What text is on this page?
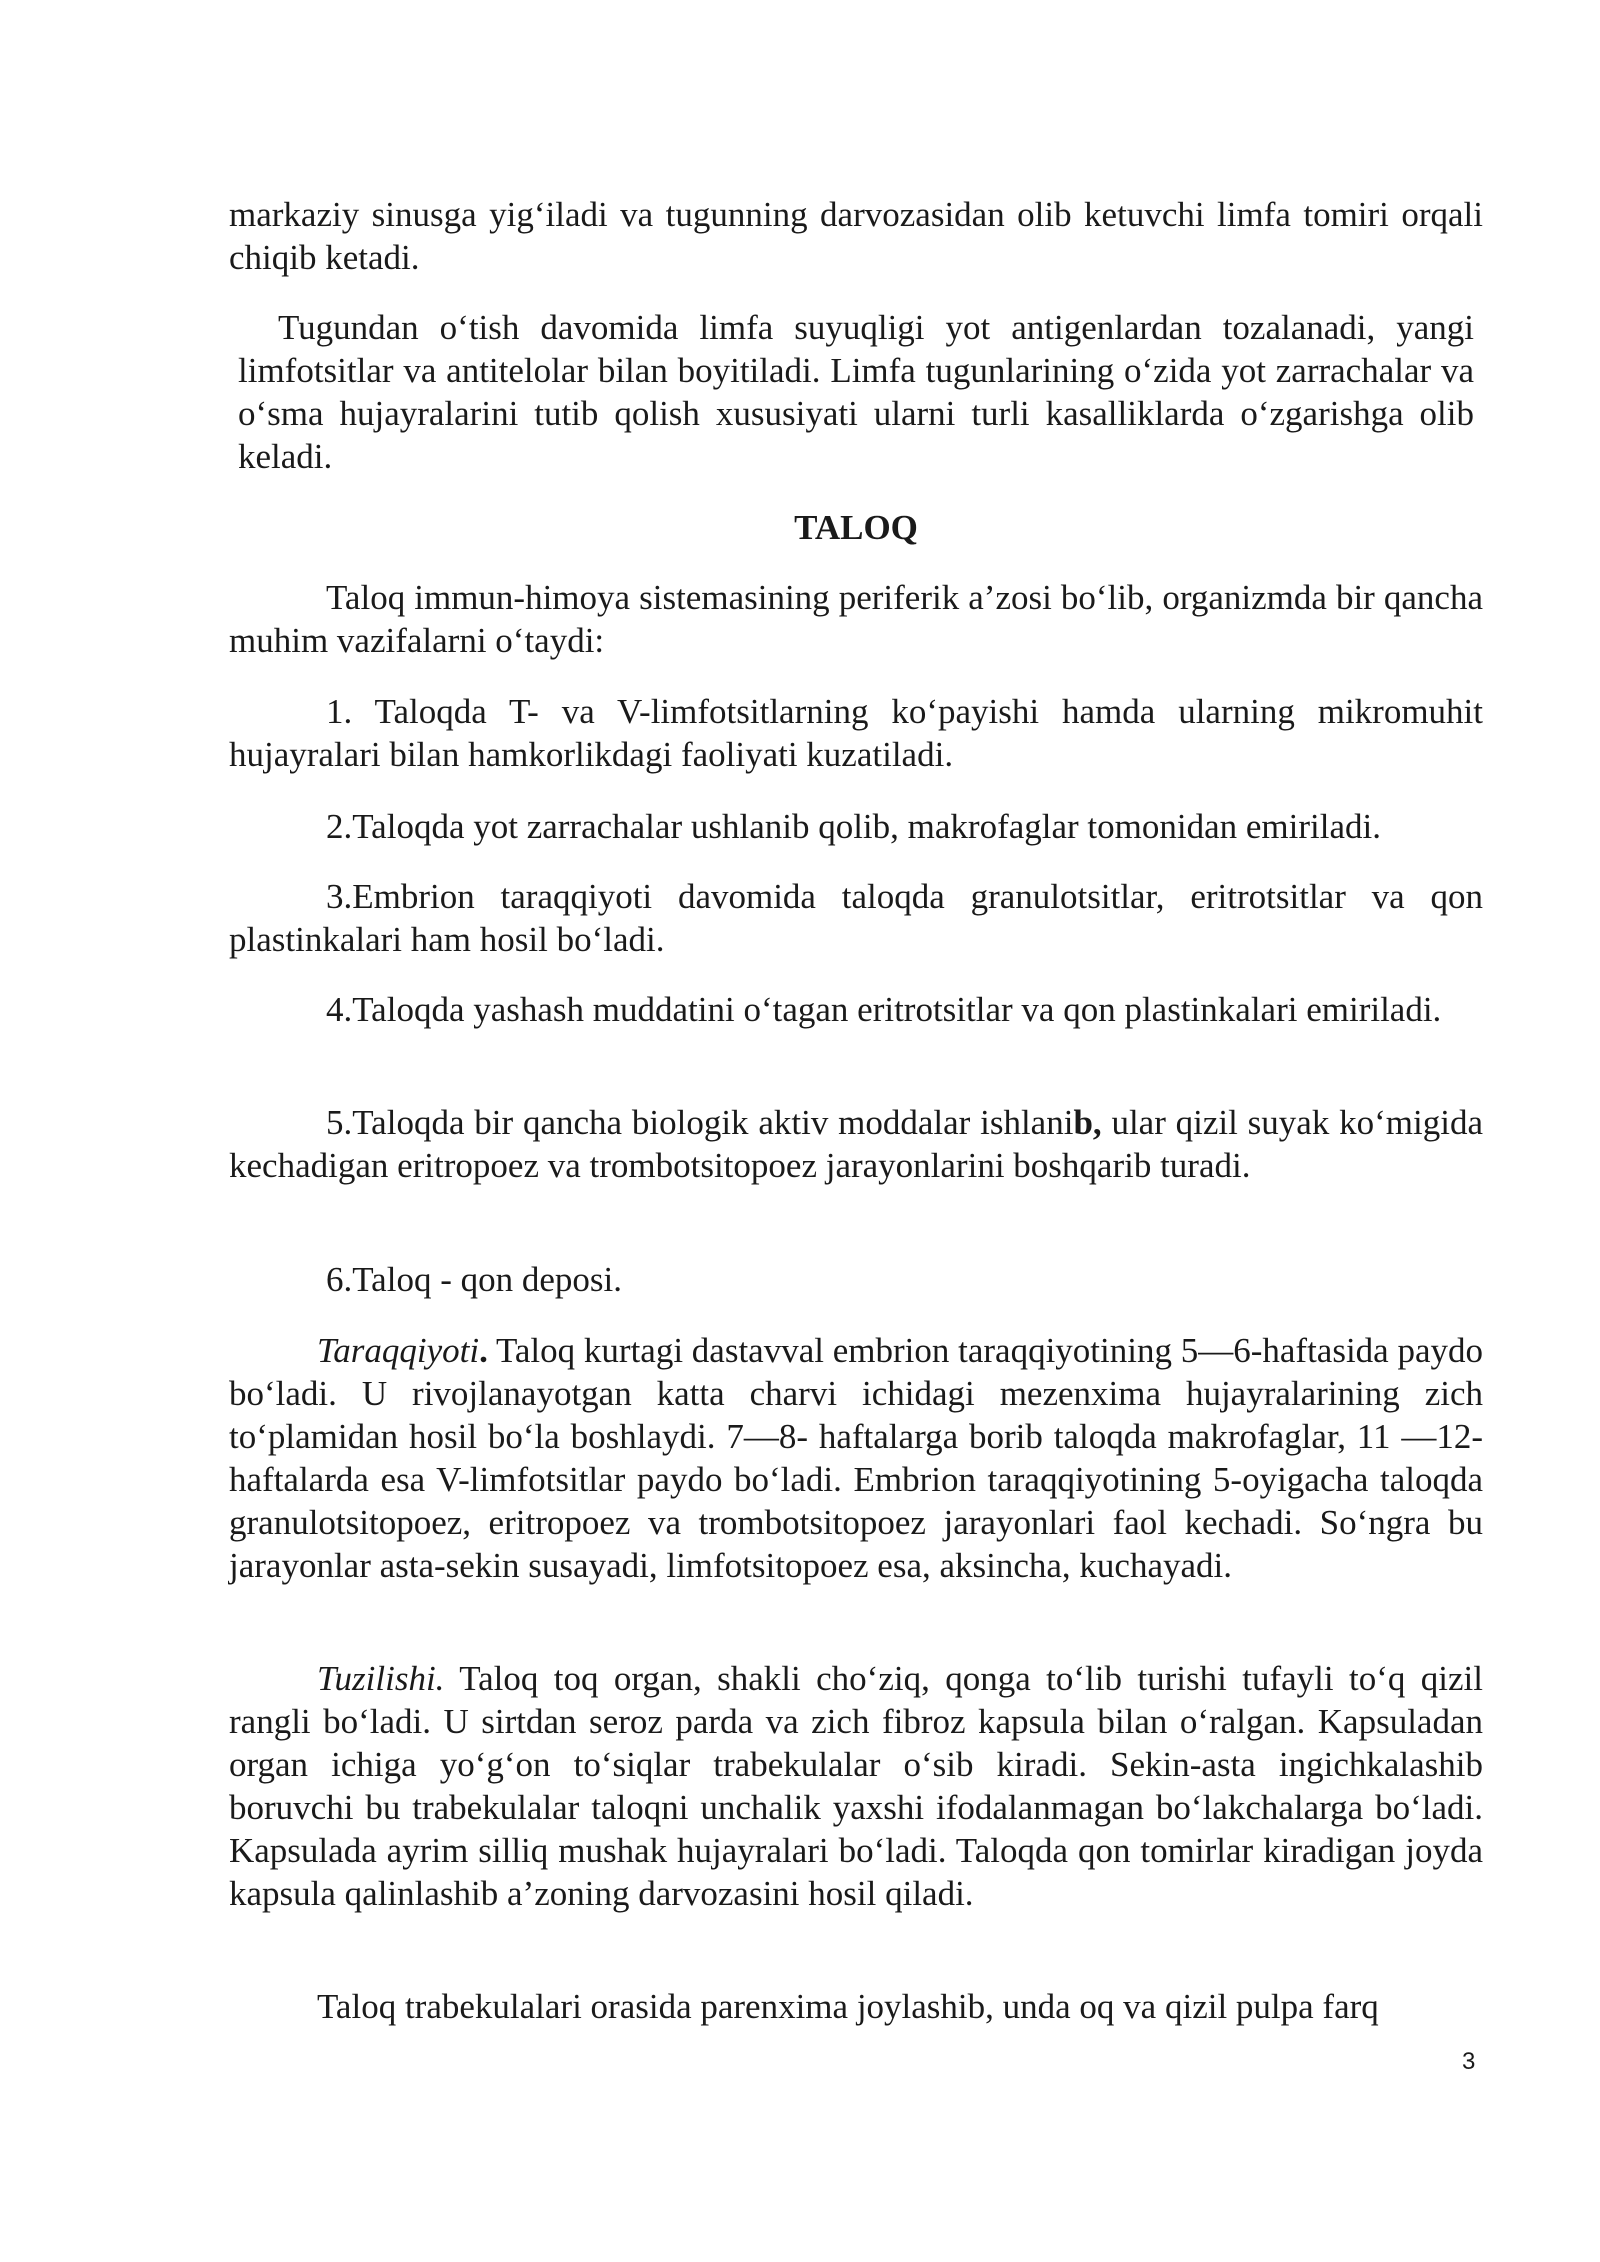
markaziy sinusga yig‘iladi va tugunning darvozasidan olib ketuvchi limfa tomiri orqali chiqib ketadi.

Tugundan o‘tish davomida limfa suyuqligi yot antigenlardan tozalanadi, yangi limfotsitlar va antitelolar bilan boyitiladi. Limfa tugunlarining o‘zida yot zarrachalar va o‘sma hujayralarini tutib qolish xususiyati ularni turli kasalliklarda o‘zgarishga olib keladi.

TALOQ

Taloq immun-himoya sistemasining periferik a’zosi bo‘lib, organizmda bir qancha muhim vazifalarni o‘taydi:

1. Taloqda T- va V-limfotsitlarning ko‘payishi hamda ularning mikromuhit hujayralari bilan hamkorlikdagi faoliyati kuzatiladi.

2.Taloqda yot zarrachalar ushlanib qolib, makrofaglar tomonidan emiriladi.

3.Embrion taraqqiyoti davomida taloqda granulotsitlar, eritrotsitlar va qon plastinkalari ham hosil bo‘ladi.

4.Taloqda yashash muddatini o‘tagan eritrotsitlar va qon plastinkalari emiriladi.

5.Taloqda bir qancha biologik aktiv moddalar ishlanib, ular qizil suyak ko‘migida kechadigan eritropoez va trombotsitopoez jarayonlarini boshqarib turadi.

6.Taloq - qon deposi.

Taraqqiyoti. Taloq kurtagi dastavval embrion taraqqiyotining 5—6-haftasida paydo bo‘ladi. U rivojlanayotgan katta charvi ichidagi mezenxima hujayralarining zich to‘plamidan hosil bo‘la boshlaydi. 7—8- haftalarga borib taloqda makrofaglar, 11 —12-haftalarda esa V-limfotsitlar paydo bo‘ladi. Embrion taraqqiyotining 5-oyigacha taloqda granulotsitopoez, eritropoez va trombotsitopoez jarayonlari faol kechadi. So‘ngra bu jarayonlar asta-sekin susayadi, limfotsitopoez esa, aksincha, kuchayadi.

Tuzilishi. Taloq toq organ, shakli cho‘ziq, qonga to‘lib turishi tufayli to‘q qizil rangli bo‘ladi. U sirtdan seroz parda va zich fibroz kapsula bilan o‘ralgan. Kapsuladan organ ichiga yo‘g‘on to‘siqlar trabekulalar o‘sib kiradi. Sekin-asta ingichkalashib boruvchi bu trabekulalar taloqni unchalik yaxshi ifodalanmagan bo‘lakchalarga bo‘ladi. Kapsulada ayrim silliq mushak hujayralari bo‘ladi. Taloqda qon tomirlar kiradigan joyda kapsula qalinlashib a’zoning darvozasini hosil qiladi.

Taloq trabekulalari orasida parenxima joylashib, unda oq va qizil pulpa farq

3
